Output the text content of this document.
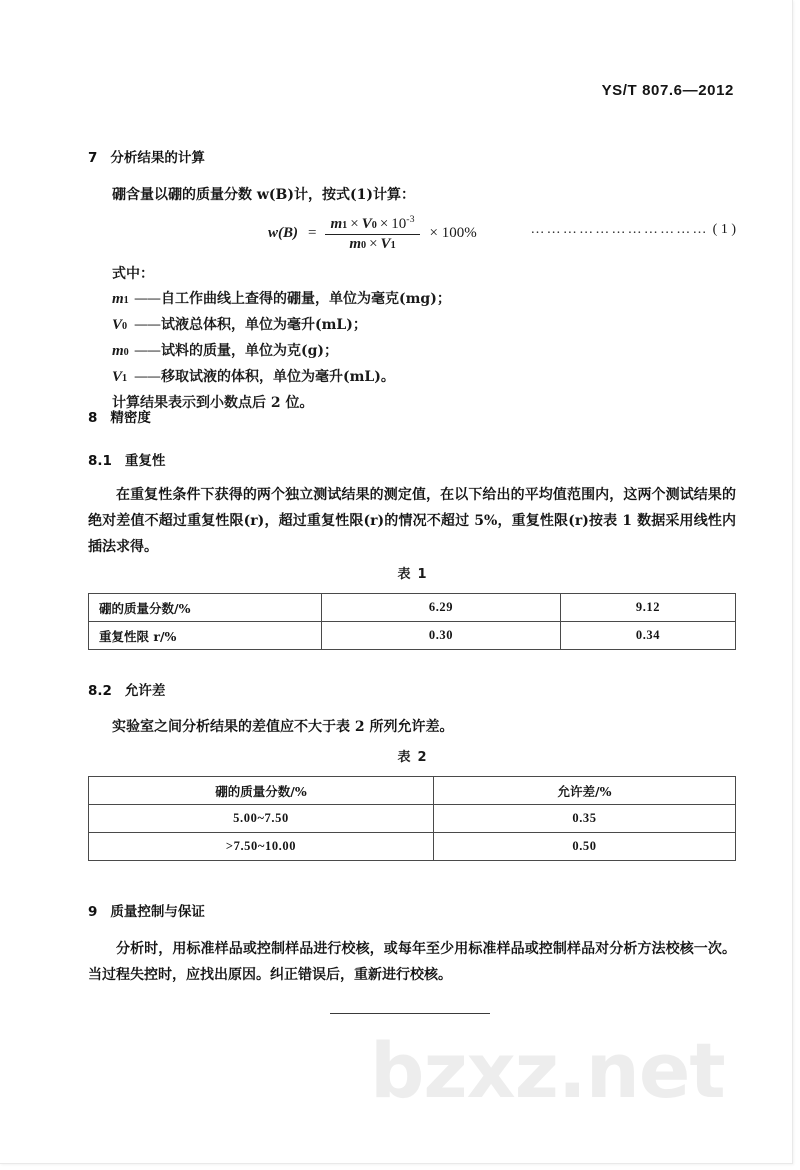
YS/T 807.6—2012
7 分析结果的计算
硼含量以硼的质量分数 w(B)计，按式(1)计算：
$w(B) = \frac{m1 \times V0 \times 10^{-3}}{m0 \times V1} \times 100\%$	…………………………… ( 1 )
式中：
m1 —— 自工作曲线上查得的硼量，单位为毫克(mg)；
V0 —— 试液总体积，单位为毫升(mL)；
m0 —— 试料的质量，单位为克(g)；
V1 —— 移取试液的体积，单位为毫升(mL)。
计算结果表示到小数点后 2 位。
8 精密度
8.1 重复性
在重复性条件下获得的两个独立测试结果的测定值，在以下给出的平均值范围内，这两个测试结果的绝对差值不超过重复性限(r)，超过重复性限(r)的情况不超过 5%，重复性限(r)按表 1 数据采用线性内插法求得。
表 1
硼的质量分数/%	6.29	9.12
重复性限 r/%	0.30	0.34
8.2 允许差
实验室之间分析结果的差值应不大于表 2 所列允许差。
表 2
硼的质量分数/%	允许差/%
5.00~7.50	0.35
>7.50~10.00	0.50
9 质量控制与保证
分析时，用标准样品或控制样品进行校核，或每年至少用标准样品或控制样品对分析方法校核一次。当过程失控时，应找出原因。纠正错误后，重新进行校核。
bzxz.net
